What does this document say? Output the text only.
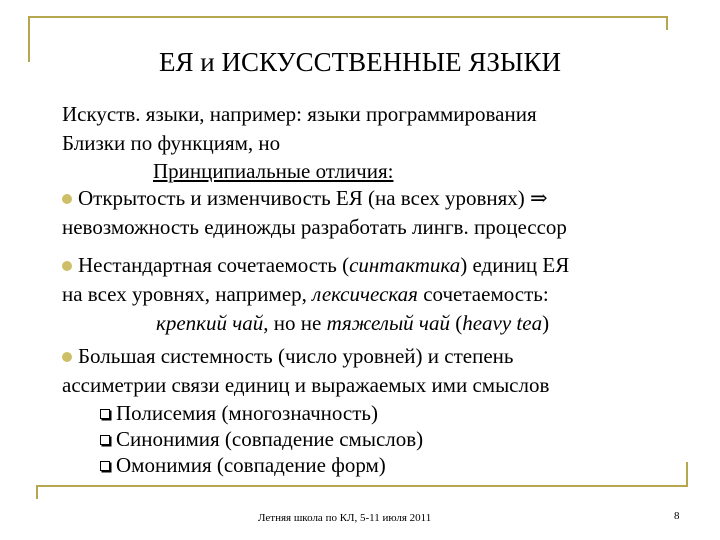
ЕЯ и ИСКУССТВЕННЫЕ ЯЗЫКИ
Искуств. языки, например: языки программирования
Близки по функциям, но
Принципиальные отличия:
Открытость и изменчивость ЕЯ (на всех уровнях) ⇒
невозможность единожды разработать лингв. процессор
Нестандартная сочетаемость (синтактика) единиц ЕЯ
на всех уровнях, например, лексическая сочетаемость:
крепкий чай, но не тяжелый чай (heavy tea)
Большая системность (число уровней) и степень
ассиметрии связи единиц и выражаемых ими смыслов
Полисемия (многозначность)
Синонимия (совпадение смыслов)
Омонимия (совпадение форм)
Летняя школа по КЛ, 5-11 июля 2011	8
